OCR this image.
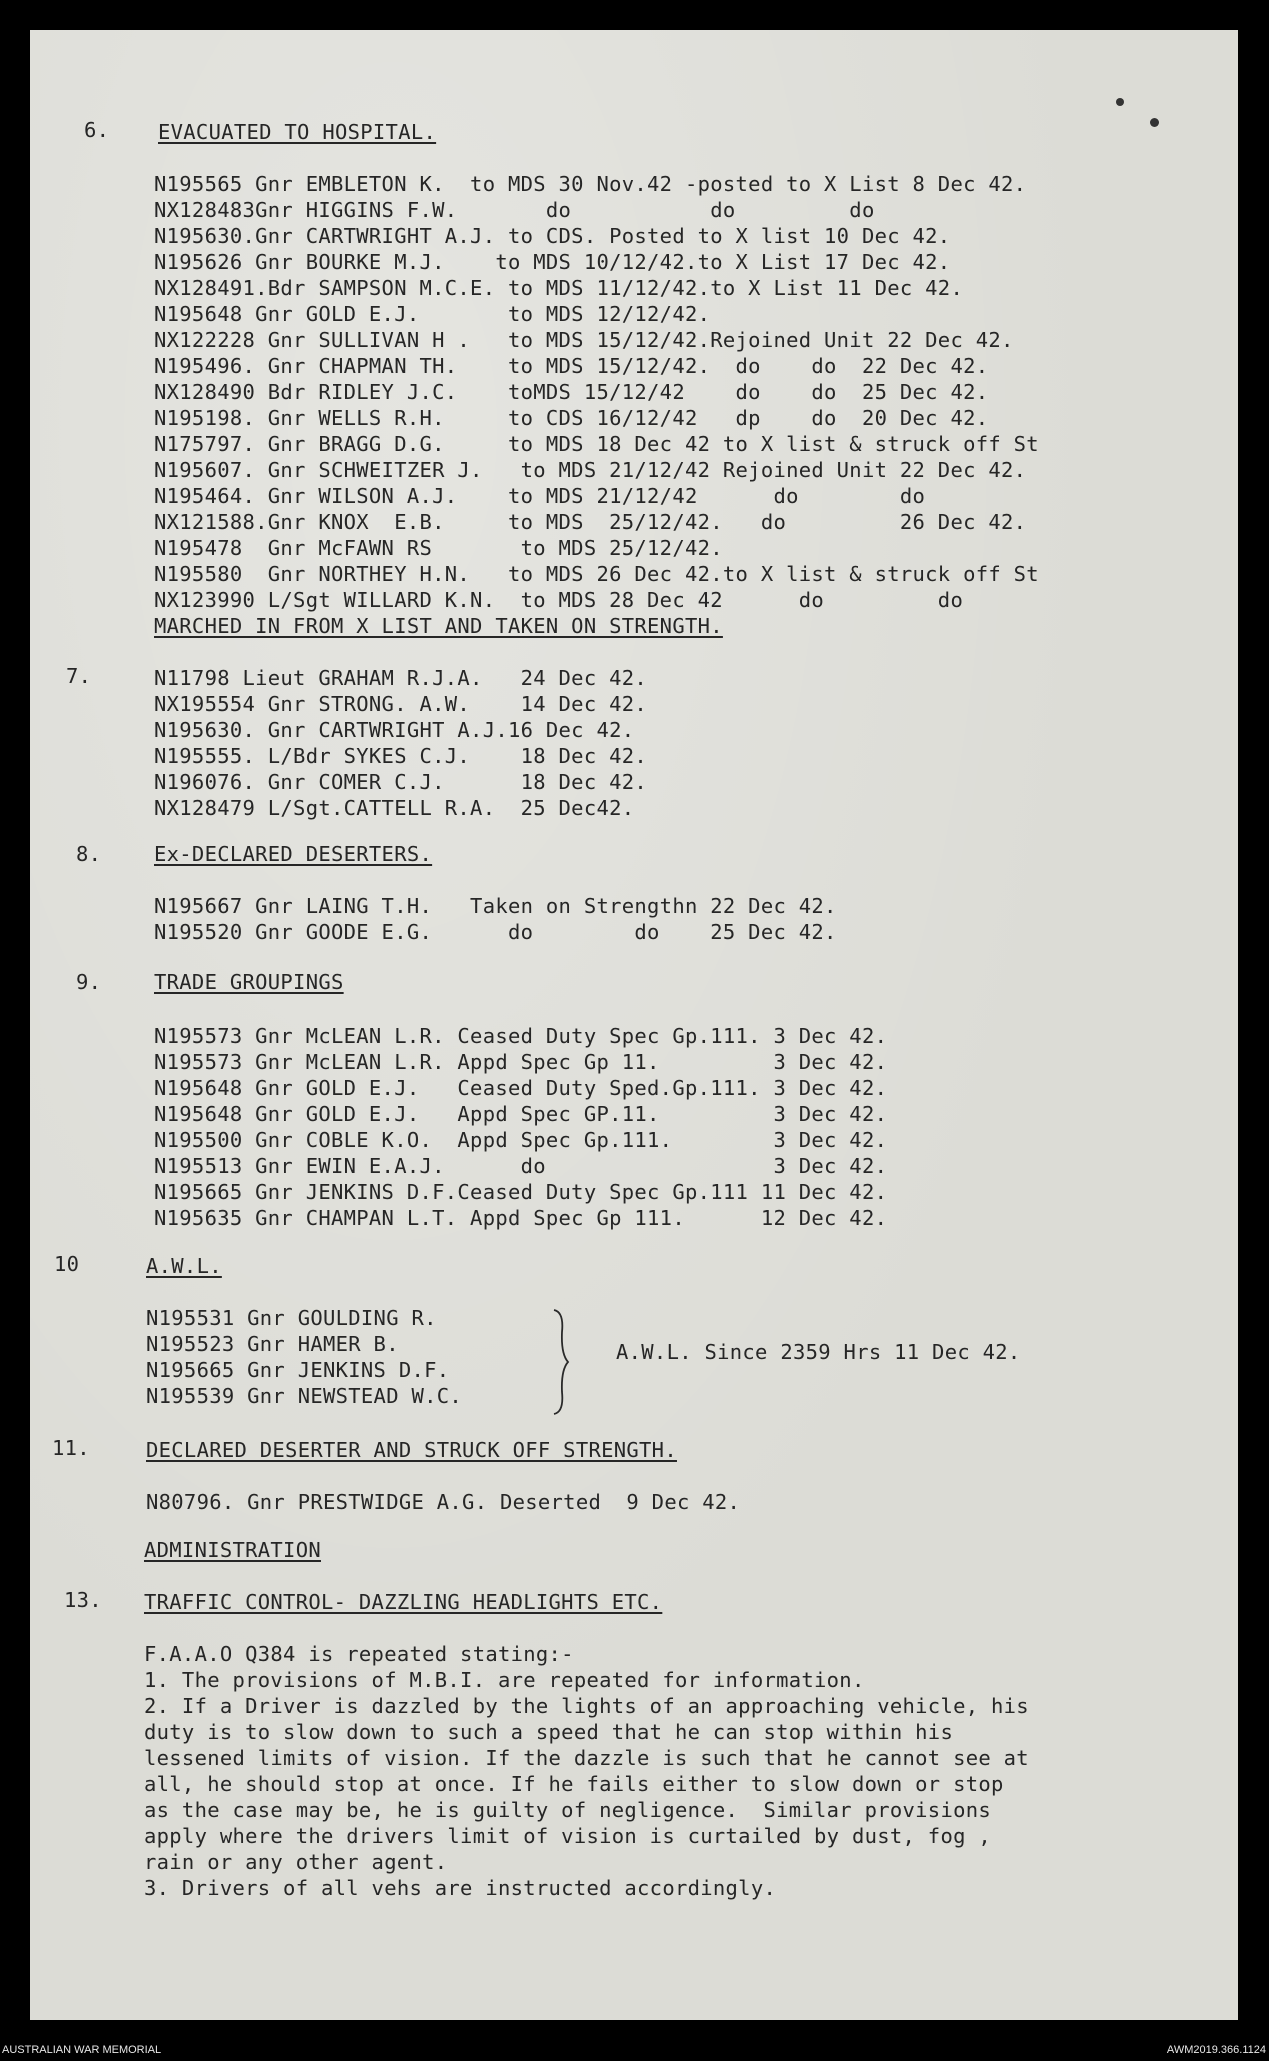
6. EVACUATED TO HOSPITAL.
N195565 Gnr EMBLETON K.  to MDS 30 Nov.42 -posted to X List 8 Dec 42.
NX128483Gnr HIGGINS F.W.       do           do         do
N195630.Gnr CARTWRIGHT A.J. to CDS. Posted to X list 10 Dec 42.
N195626 Gnr BOURKE M.J.    to MDS 10/12/42.to X List 17 Dec 42.
NX128491.Bdr SAMPSON M.C.E. to MDS 11/12/42.to X List 11 Dec 42.
N195648 Gnr GOLD E.J.       to MDS 12/12/42.
NX122228 Gnr SULLIVAN H .   to MDS 15/12/42.Rejoined Unit 22 Dec 42.
N195496. Gnr CHAPMAN TH.    to MDS 15/12/42.  do    do  22 Dec 42.
NX128490 Bdr RIDLEY J.C.    toMDS 15/12/42    do    do  25 Dec 42.
N195198. Gnr WELLS R.H.     to CDS 16/12/42   dp    do  20 Dec 42.
N175797. Gnr BRAGG D.G.     to MDS 18 Dec 42 to X list & struck off St
N195607. Gnr SCHWEITZER J.   to MDS 21/12/42 Rejoined Unit 22 Dec 42.
N195464. Gnr WILSON A.J.    to MDS 21/12/42      do        do
NX121588.Gnr KNOX  E.B.     to MDS  25/12/42.   do         26 Dec 42.
N195478  Gnr McFAWN RS       to MDS 25/12/42.
N195580  Gnr NORTHEY H.N.   to MDS 26 Dec 42.to X list & struck off St
NX123990 L/Sgt WILLARD K.N.  to MDS 28 Dec 42      do         do
MARCHED IN FROM X LIST AND TAKEN ON STRENGTH.
7.	N11798 Lieut GRAHAM R.J.A.   24 Dec 42.
NX195554 Gnr STRONG. A.W.    14 Dec 42.
N195630. Gnr CARTWRIGHT A.J.16 Dec 42.
N195555. L/Bdr SYKES C.J.    18 Dec 42.
N196076. Gnr COMER C.J.      18 Dec 42.
NX128479 L/Sgt.CATTELL R.A.  25 Dec42.
8.	Ex-DECLARED DESERTERS.
N195667 Gnr LAING T.H.   Taken on Strengthn 22 Dec 42.
N195520 Gnr GOODE E.G.      do        do    25 Dec 42.
9.	TRADE GROUPINGS
N195573 Gnr McLEAN L.R. Ceased Duty Spec Gp.111. 3 Dec 42.
N195573 Gnr McLEAN L.R. Appd Spec Gp 11.         3 Dec 42.
N195648 Gnr GOLD E.J.   Ceased Duty Sped.Gp.111. 3 Dec 42.
N195648 Gnr GOLD E.J.   Appd Spec GP.11.         3 Dec 42.
N195500 Gnr COBLE K.O.  Appd Spec Gp.111.        3 Dec 42.
N195513 Gnr EWIN E.A.J.      do                  3 Dec 42.
N195665 Gnr JENKINS D.F.Ceased Duty Spec Gp.111 11 Dec 42.
N195635 Gnr CHAMPAN L.T. Appd Spec Gp 111.      12 Dec 42.
10	A.W.L.
N195531 Gnr GOULDING R.
N195523 Gnr HAMER B.
N195665 Gnr JENKINS D.F.
N195539 Gnr NEWSTEAD W.C.
A.W.L. Since 2359 Hrs 11 Dec 42.
11.	DECLARED DESERTER AND STRUCK OFF STRENGTH.
N80796. Gnr PRESTWIDGE A.G. Deserted  9 Dec 42.
ADMINISTRATION
13. TRAFFIC CONTROL- DAZZLING HEADLIGHTS ETC.
F.A.A.O Q384 is repeated stating:-
1. The provisions of M.B.I. are repeated for information.
2. If a Driver is dazzled by the lights of an approaching vehicle, his
duty is to slow down to such a speed that he can stop within his
lessened limits of vision. If the dazzle is such that he cannot see at
all, he should stop at once. If he fails either to slow down or stop
as the case may be, he is guilty of negligence.  Similar provisions
apply where the drivers limit of vision is curtailed by dust, fog ,
rain or any other agent.
3. Drivers of all vehs are instructed accordingly.
AUSTRALIAN WAR MEMORIAL	AWM2019.366.1124
